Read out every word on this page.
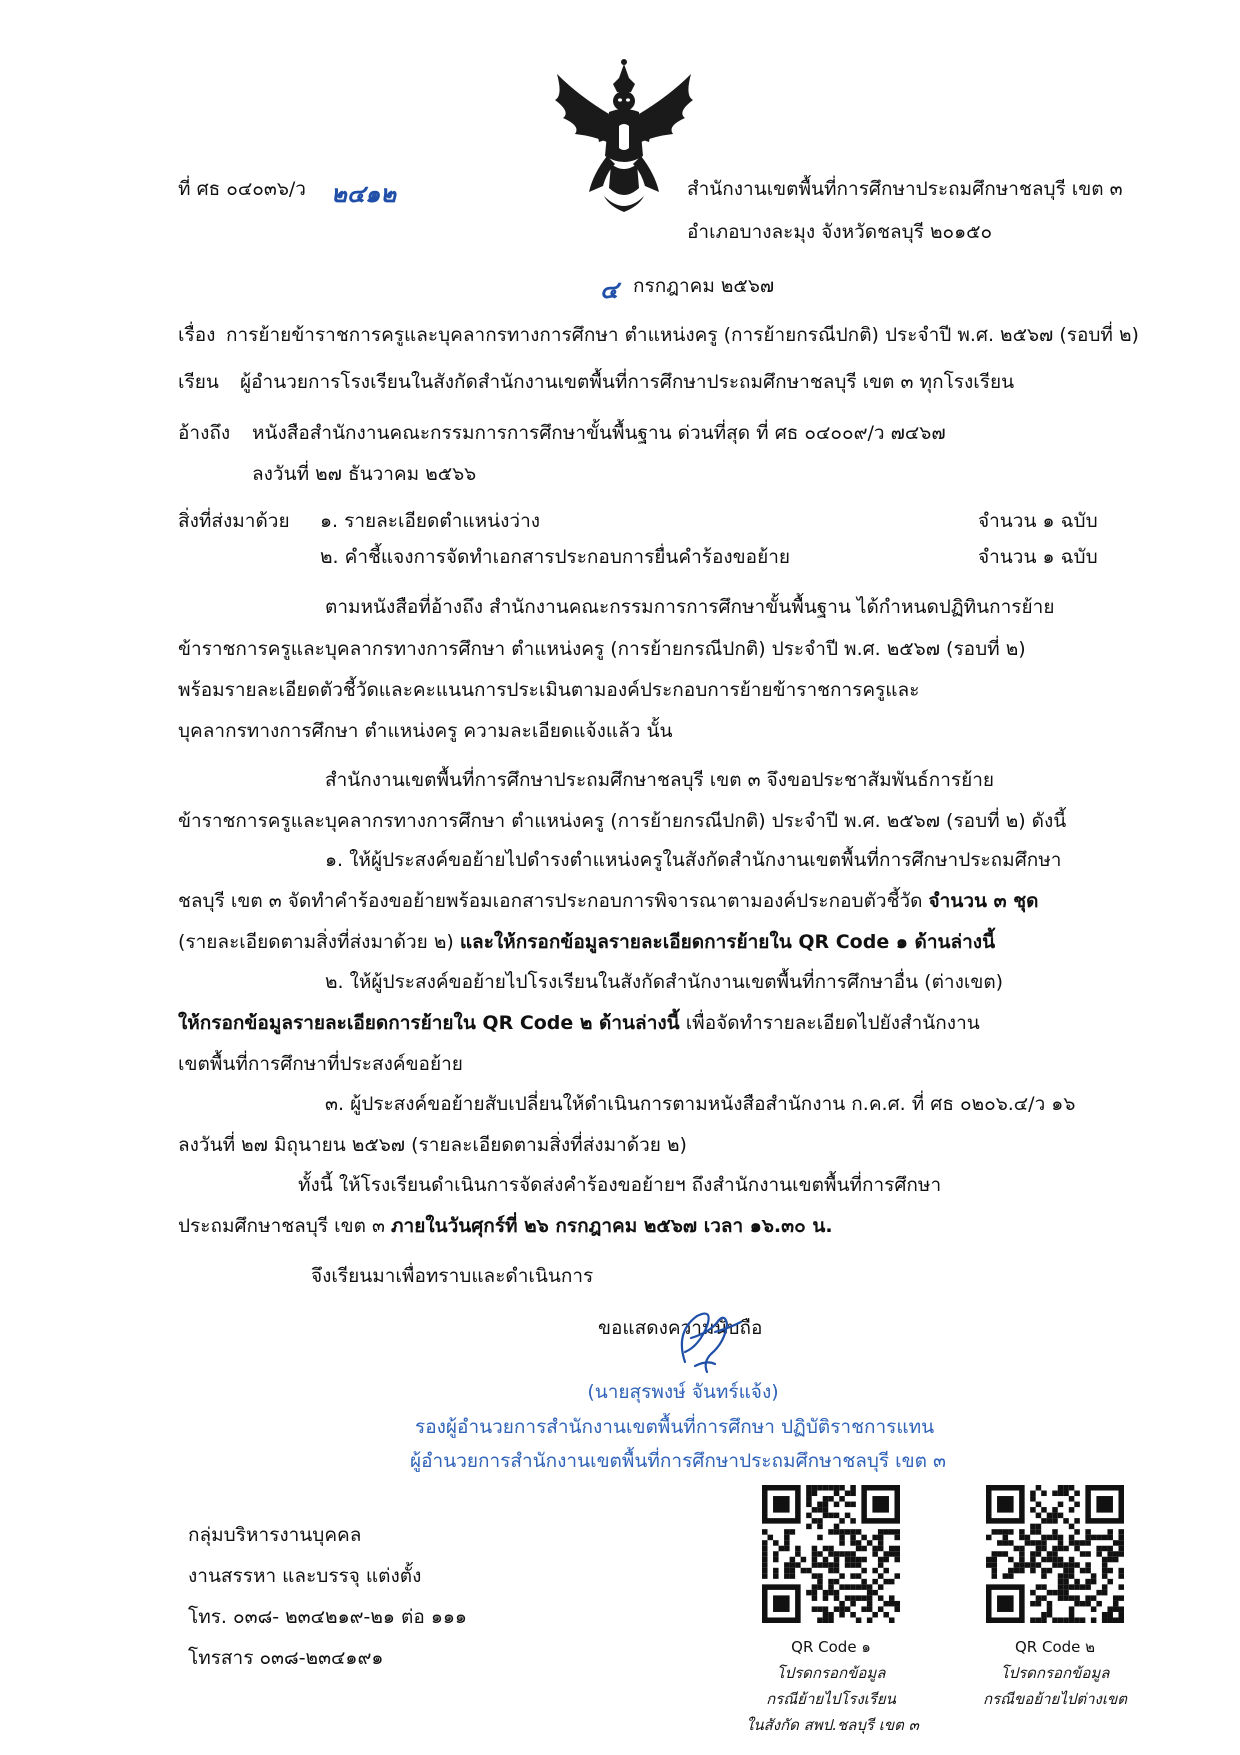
ที่ ศธ ๐๔๐๓๖/ว ๒๔๑๒	สำนักงานเขตพื้นที่การศึกษาประถมศึกษาชลบุรี เขต ๓
อำเภอบางละมุง จังหวัดชลบุรี ๒๐๑๕๐
๔ กรกฎาคม ๒๕๖๗
เรื่อง การย้ายข้าราชการครูและบุคลากรทางการศึกษา ตำแหน่งครู (การย้ายกรณีปกติ) ประจำปี พ.ศ. ๒๕๖๗ (รอบที่ ๒)
เรียน ผู้อำนวยการโรงเรียนในสังกัดสำนักงานเขตพื้นที่การศึกษาประถมศึกษาชลบุรี เขต ๓ ทุกโรงเรียน
อ้างถึง หนังสือสำนักงานคณะกรรมการการศึกษาขั้นพื้นฐาน ด่วนที่สุด ที่ ศธ ๐๔๐๐๙/ว ๗๔๖๗
ลงวันที่ ๒๗ ธันวาคม ๒๕๖๖
สิ่งที่ส่งมาด้วย ๑. รายละเอียดตำแหน่งว่าง	จำนวน ๑ ฉบับ
๒. คำชี้แจงการจัดทำเอกสารประกอบการยื่นคำร้องขอย้าย	จำนวน ๑ ฉบับ
ตามหนังสือที่อ้างถึง สำนักงานคณะกรรมการการศึกษาขั้นพื้นฐาน ได้กำหนดปฏิทินการย้าย
ข้าราชการครูและบุคลากรทางการศึกษา ตำแหน่งครู (การย้ายกรณีปกติ) ประจำปี พ.ศ. ๒๕๖๗ (รอบที่ ๒)
พร้อมรายละเอียดตัวชี้วัดและคะแนนการประเมินตามองค์ประกอบการย้ายข้าราชการครูและ
บุคลากรทางการศึกษา ตำแหน่งครู ความละเอียดแจ้งแล้ว นั้น
สำนักงานเขตพื้นที่การศึกษาประถมศึกษาชลบุรี เขต ๓ จึงขอประชาสัมพันธ์การย้าย
ข้าราชการครูและบุคลากรทางการศึกษา ตำแหน่งครู (การย้ายกรณีปกติ) ประจำปี พ.ศ. ๒๕๖๗ (รอบที่ ๒) ดังนี้
๑. ให้ผู้ประสงค์ขอย้ายไปดำรงตำแหน่งครูในสังกัดสำนักงานเขตพื้นที่การศึกษาประถมศึกษา
ชลบุรี เขต ๓ จัดทำคำร้องขอย้ายพร้อมเอกสารประกอบการพิจารณาตามองค์ประกอบตัวชี้วัด จำนวน ๓ ชุด
(รายละเอียดตามสิ่งที่ส่งมาด้วย ๒) และให้กรอกข้อมูลรายละเอียดการย้ายใน QR Code ๑ ด้านล่างนี้
๒. ให้ผู้ประสงค์ขอย้ายไปโรงเรียนในสังกัดสำนักงานเขตพื้นที่การศึกษาอื่น (ต่างเขต)
ให้กรอกข้อมูลรายละเอียดการย้ายใน QR Code ๒ ด้านล่างนี้ เพื่อจัดทำรายละเอียดไปยังสำนักงาน
เขตพื้นที่การศึกษาที่ประสงค์ขอย้าย
๓. ผู้ประสงค์ขอย้ายสับเปลี่ยนให้ดำเนินการตามหนังสือสำนักงาน ก.ค.ศ. ที่ ศธ ๐๒๐๖.๔/ว ๑๖
ลงวันที่ ๒๗ มิถุนายน ๒๕๖๗ (รายละเอียดตามสิ่งที่ส่งมาด้วย ๒)
ทั้งนี้ ให้โรงเรียนดำเนินการจัดส่งคำร้องขอย้ายฯ ถึงสำนักงานเขตพื้นที่การศึกษา
ประถมศึกษาชลบุรี เขต ๓ ภายในวันศุกร์ที่ ๒๖ กรกฎาคม ๒๕๖๗ เวลา ๑๖.๓๐ น.
จึงเรียนมาเพื่อทราบและดำเนินการ
ขอแสดงความนับถือ
(นายสุรพงษ์ จันทร์แจ้ง)
รองผู้อำนวยการสำนักงานเขตพื้นที่การศึกษา ปฏิบัติราชการแทน
ผู้อำนวยการสำนักงานเขตพื้นที่การศึกษาประถมศึกษาชลบุรี เขต ๓
กลุ่มบริหารงานบุคคล
งานสรรหา และบรรจุ แต่งตั้ง
โทร. ๐๓๘- ๒๓๔๒๑๙-๒๑ ต่อ ๑๑๑
โทรสาร ๐๓๘-๒๓๔๑๙๑	QR Code ๑
โปรดกรอกข้อมูล
กรณีย้ายไปโรงเรียน
ในสังกัด สพป.ชลบุรี เขต ๓
QR Code ๒
โปรดกรอกข้อมูล
กรณีขอย้ายไปต่างเขต
